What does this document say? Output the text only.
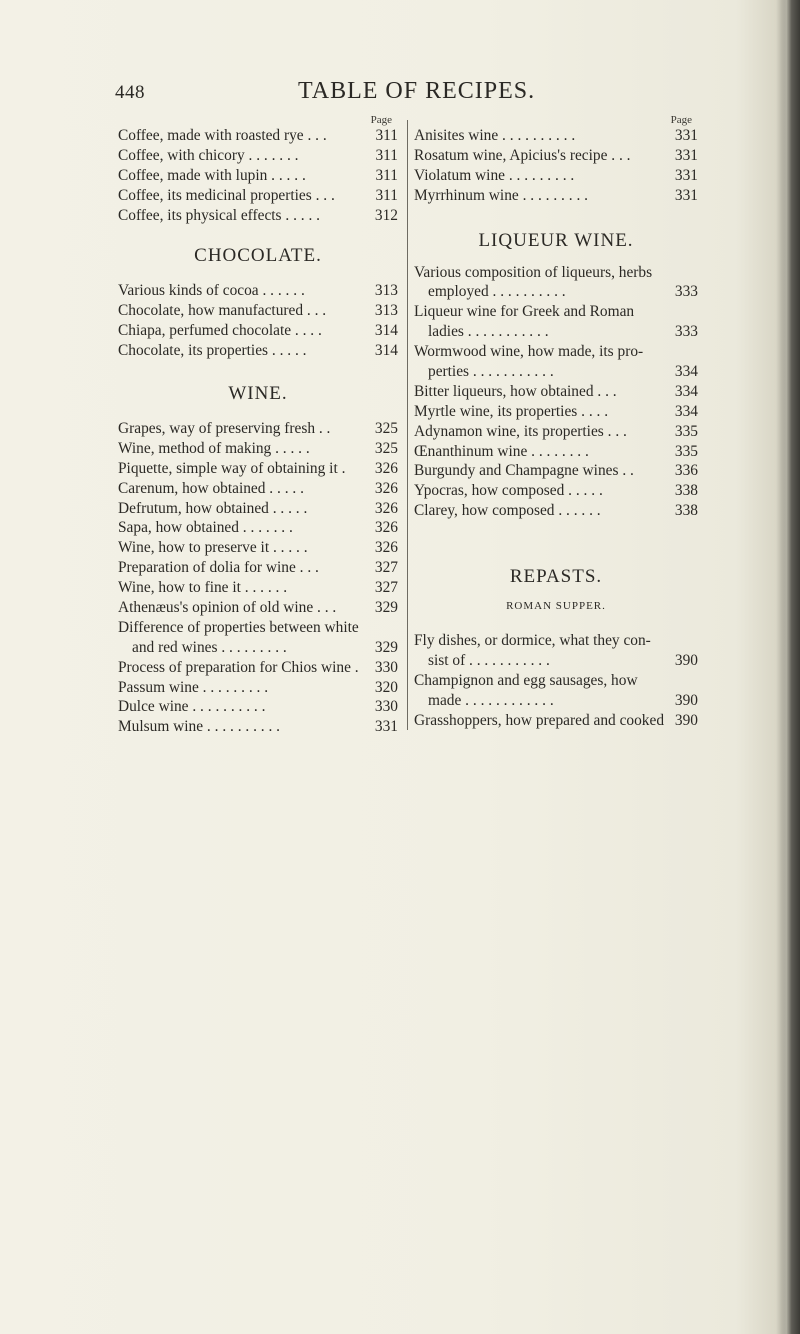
448	TABLE OF RECIPES.
Page
Coffee, made with roasted rye . . .	311
Coffee, with chicory . . . . . . .	311
Coffee, made with lupin . . . . .	311
Coffee, its medicinal properties . . .	311
Coffee, its physical effects . . . . .	312
CHOCOLATE.
Various kinds of cocoa . . . . . .	313
Chocolate, how manufactured . . .	313
Chiapa, perfumed chocolate . . . .	314
Chocolate, its properties . . . . .	314
WINE.
Grapes, way of preserving fresh . .	325
Wine, method of making . . . . .	325
Piquette, simple way of obtaining it . 326
Carenum, how obtained . . . . .	326
Defrutum, how obtained . . . . .	326
Sapa, how obtained . . . . . . .	326
Wine, how to preserve it . . . . .	326
Preparation of dolia for wine . . .	327
Wine, how to fine it . . . . . .	327
Athenæus's opinion of old wine . . .	329
Difference of properties between white
and red wines . . . . . . . . .	329
Process of preparation for Chios wine . 330
Passum wine . . . . . . . . .	320
Dulce wine . . . . . . . . . .	330
Mulsum wine . . . . . . . . . .	331
Page
Anisites wine . . . . . . . . . .	331
Rosatum wine, Apicius's recipe . . .	331
Violatum wine . . . . . . . . .	331
Myrrhinum wine . . . . . . . . .	331
LIQUEUR WINE.
Various composition of liqueurs, herbs
employed . . . . . . . . . .	333
Liqueur wine for Greek and Roman
ladies . . . . . . . . . . .	333
Wormwood wine, how made, its pro-
perties . . . . . . . . . . .	334
Bitter liqueurs, how obtained . . .	334
Myrtle wine, its properties . . . .	334
Adynamon wine, its properties . . .	335
Œnanthinum wine . . . . . . . .	335
Burgundy and Champagne wines . .	336
Ypocras, how composed . . . . .	338
Clarey, how composed . . . . . .	338
REPASTS.
ROMAN SUPPER.
Fly dishes, or dormice, what they con-
sist of . . . . . . . . . . .	390
Champignon and egg sausages, how
made . . . . . . . . . . . .	390
Grasshoppers, how prepared and cooked 390
